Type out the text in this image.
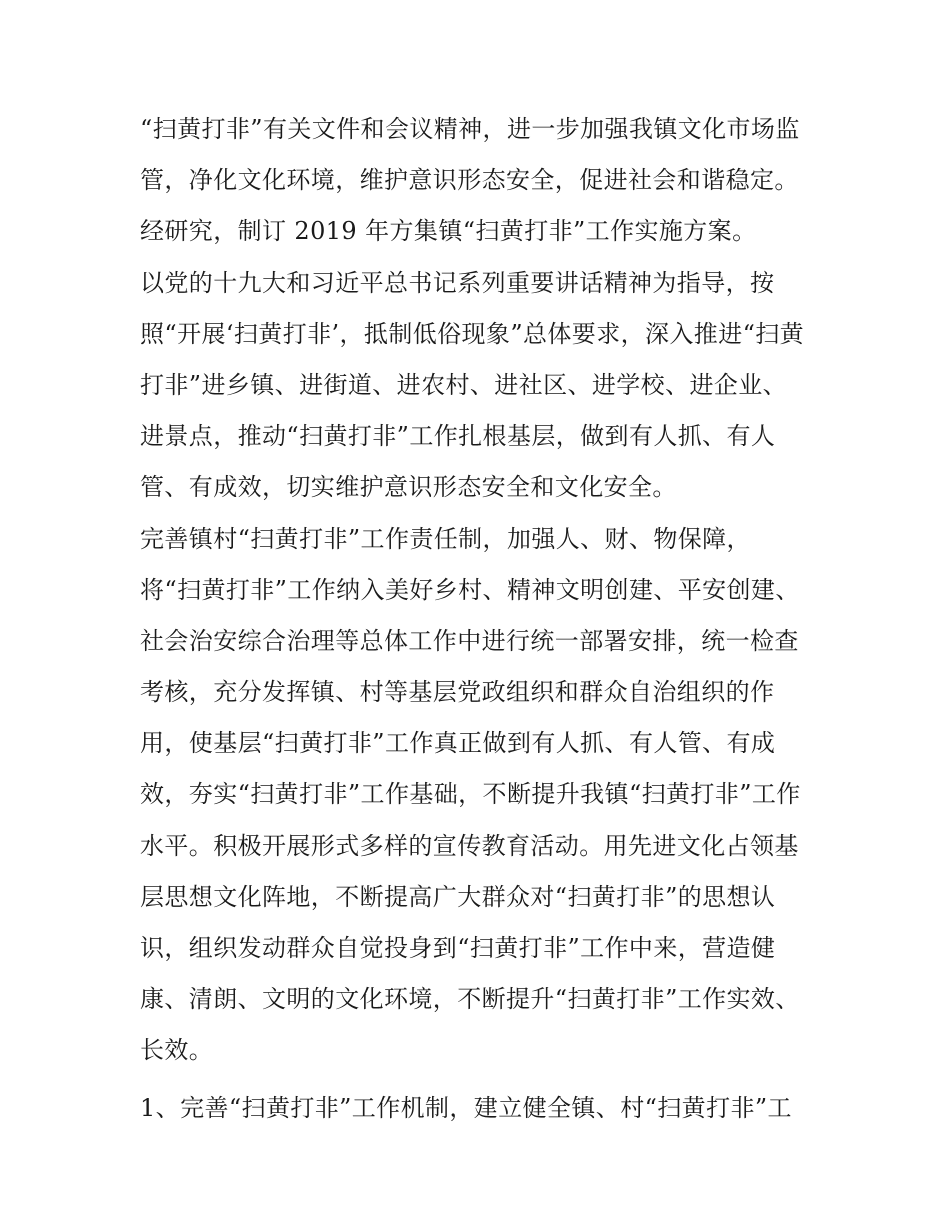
“扫黄打非”有关文件和会议精神，进一步加强我镇文化市场监
管，净化文化环境，维护意识形态安全，促进社会和谐稳定。
经研究，制订 2019 年方集镇“扫黄打非”工作实施方案。
以党的十九大和习近平总书记系列重要讲话精神为指导，按
照“开展‘扫黄打非’，抵制低俗现象”总体要求，深入推进“扫黄
打非”进乡镇、进街道、进农村、进社区、进学校、进企业、
进景点，推动“扫黄打非”工作扎根基层，做到有人抓、有人
管、有成效，切实维护意识形态安全和文化安全。
完善镇村“扫黄打非”工作责任制，加强人、财、物保障，
将“扫黄打非”工作纳入美好乡村、精神文明创建、平安创建、
社会治安综合治理等总体工作中进行统一部署安排，统一检查
考核，充分发挥镇、村等基层党政组织和群众自治组织的作
用，使基层“扫黄打非”工作真正做到有人抓、有人管、有成
效，夯实“扫黄打非”工作基础，不断提升我镇“扫黄打非”工作
水平。积极开展形式多样的宣传教育活动。用先进文化占领基
层思想文化阵地，不断提高广大群众对“扫黄打非”的思想认
识，组织发动群众自觉投身到“扫黄打非”工作中来，营造健
康、清朗、文明的文化环境，不断提升“扫黄打非”工作实效、
长效。
1、完善“扫黄打非”工作机制，建立健全镇、村“扫黄打非”工
